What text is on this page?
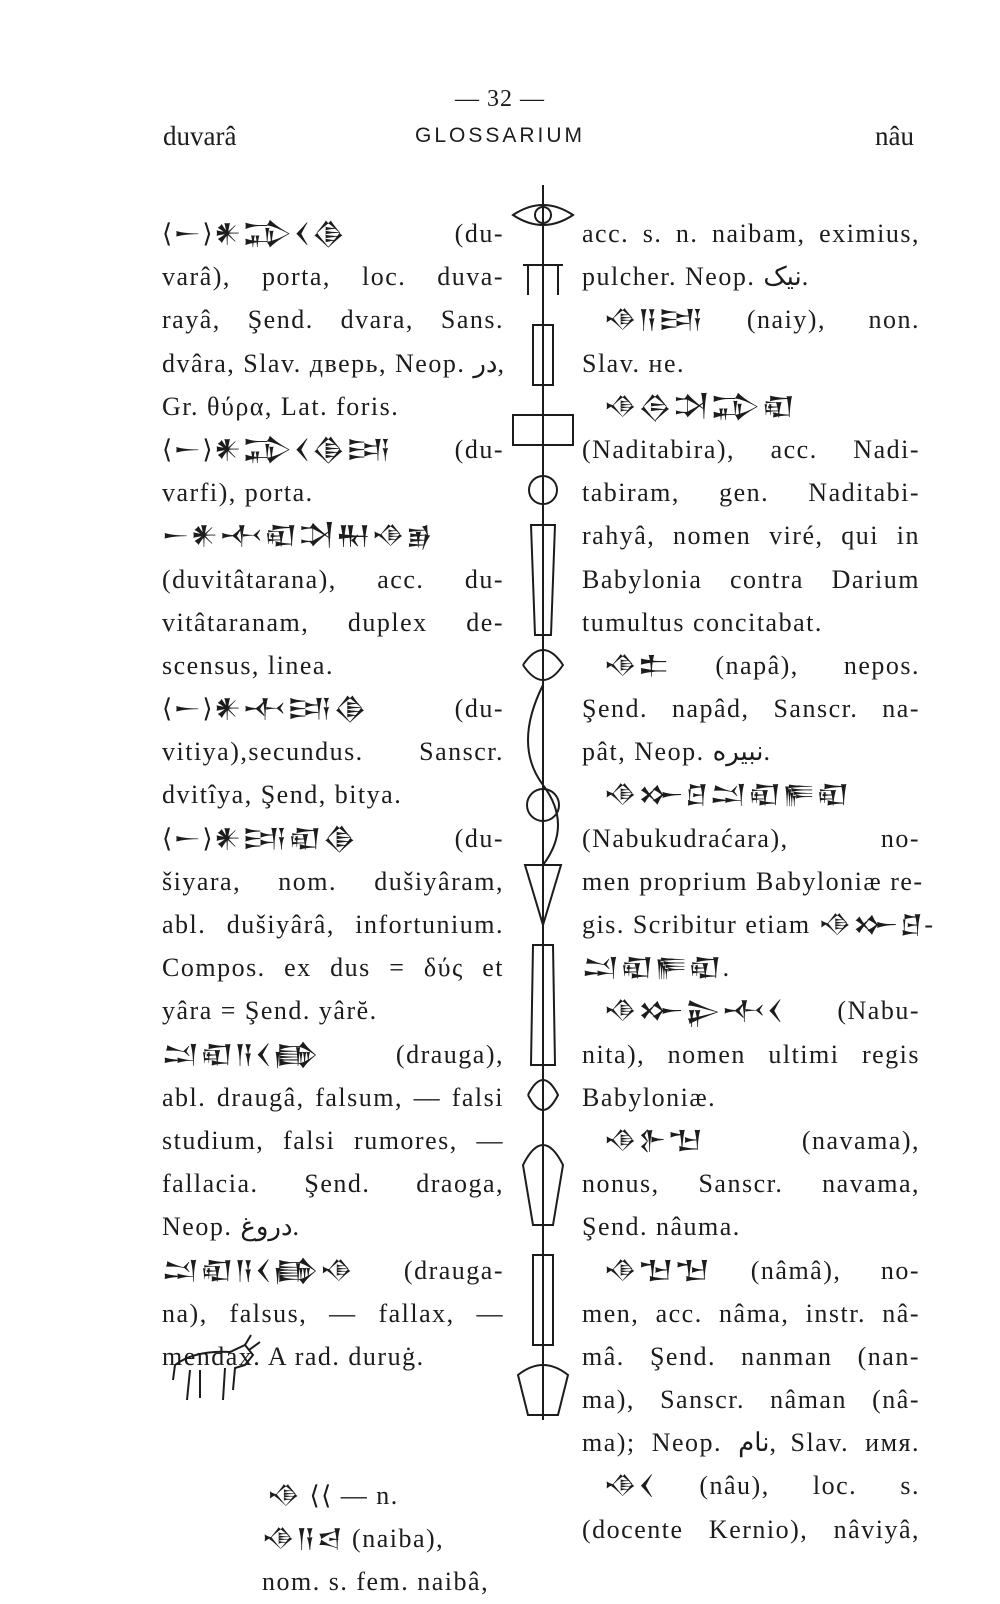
— 32 —
duvarâ	GLOSSARIUM	nâu
⟨𒀸⟩𒀭𒁉𒌋𒆠 (du-
varâ), porta, loc. duva-
rayâ, Şend. dvara, Sans.
dvâra, Slav. дверь, Neop. در,
Gr. θύρα, Lat. foris.
⟨𒀸⟩𒀭𒁉𒌋𒆠𒅀 (du-
varfi), porta.
𒀸𒀭𒋾𒊏𒋫𒊑𒈾𒂊
(duvitâtarana), acc. du-
vitâtaranam, duplex de-
scensus, linea.
⟨𒀸⟩𒀭𒋾𒅀𒆠 (du-
vitiya),secundus. Sanscr.
dvitîya, Şend, bitya.
⟨𒀸⟩𒀭𒅀𒊏𒆠 (du-
šiyara, nom. dušiyâram,
abl. dušiyârâ, infortunium.
Compos. ex dus = δύς et
yâra = Şend. yârĕ.
𒁺𒊏𒀀𒌋𒂵 (drauga),
abl. draugâ, falsum, — falsi
studium, falsi rumores, —
fallacia. Şend. draoga,
Neop. دروغ.
𒁺𒊏𒀀𒌋𒂵𒈾 (drauga-
na), falsus, — fallax, —
mendax. A rad. duruġ.
𒈾 ⟨⟨ — n.
𒈾𒀀𒁀 (naiba),
nom. s. fem. naibâ,
acc. s. n. naibam, eximius,
pulcher. Neop. نیک.
𒈾𒀀𒅀 (naiy), non.
Slav. не.
𒈾𒁲𒋫𒁉𒊏
(Naditabira), acc. Nadi-
tabiram, gen. Naditabi-
rahyâ, nomen viré, qui in
Babylonia contra Darium
tumultus concitabat.
𒈾𒉺 (napâ), nepos.
Şend. napâd, Sanscr. na-
pât, Neop. نبیره.
𒈾𒁍𒆪𒁺𒊏𒊓𒊏
(Nabukudraćara), no-
men proprium Babyloniæ re-
gis. Scribitur etiam 𒈾𒁍𒆪-
𒁺𒊏𒊓𒊏.
𒈾𒁍𒉌𒋾𒌋 (Nabu-
nita), nomen ultimi regis
Babyloniæ.
𒈾𒉿𒈠 (navama),
nonus, Sanscr. navama,
Şend. nâuma.
𒈾𒈠𒈠 (nâmâ), no-
men, acc. nâma, instr. nâ-
mâ. Şend. nanman (nan-
ma), Sanscr. nâman (nâ-
ma); Neop. نام, Slav. имя.
𒈾𒌋 (nâu), loc. s.
(docente Kernio), nâviyâ,
